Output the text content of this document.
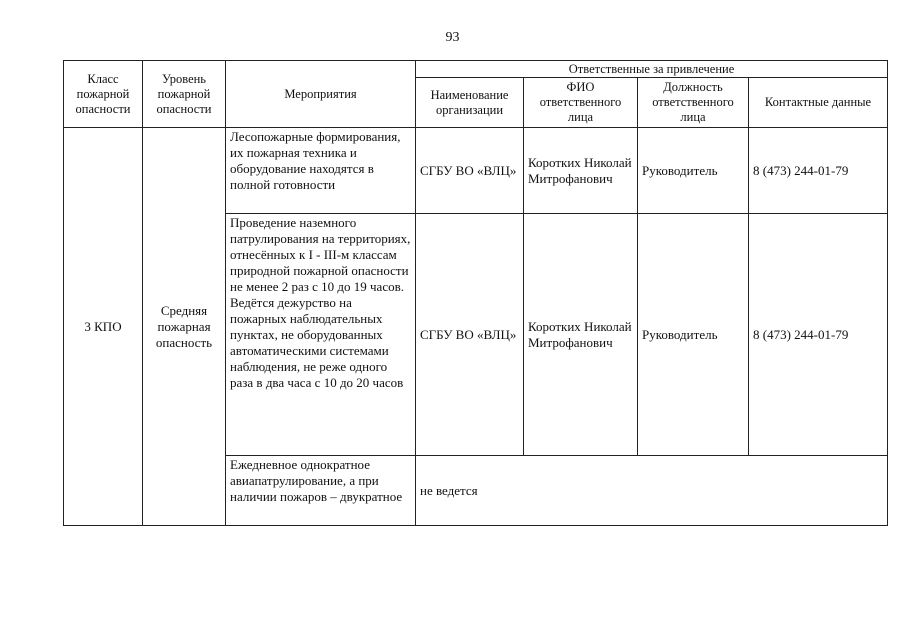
93
Класс пожарной опасности	Уровень пожарной опасности	Мероприятия	Ответственные за привлечение			
			Наименование организации	ФИО ответственного лица	Должность ответственного лица	Контактные данные
3 КПО	Средняя пожарная опасность	Лесопожарные формирования, их пожарная техника и оборудование находятся в полной готовности	СГБУ ВО «ВЛЦ»	Коротких Николай Митрофанович	Руководитель	8 (473) 244-01-79
		Проведение наземного патрулирования на территориях, отнесённых к I - III-м классам природной пожарной опасности не менее 2 раз с 10 до 19 часов. Ведётся дежурство на пожарных наблюдательных пунктах, не оборудованных автоматическими системами наблюдения, не реже одного раза в два часа с 10 до 20 часов	СГБУ ВО «ВЛЦ»	Коротких Николай Митрофанович	Руководитель	8 (473) 244-01-79
		Ежедневное однократное авиапатрулирование, а при наличии пожаров – двукратное	не ведется			
